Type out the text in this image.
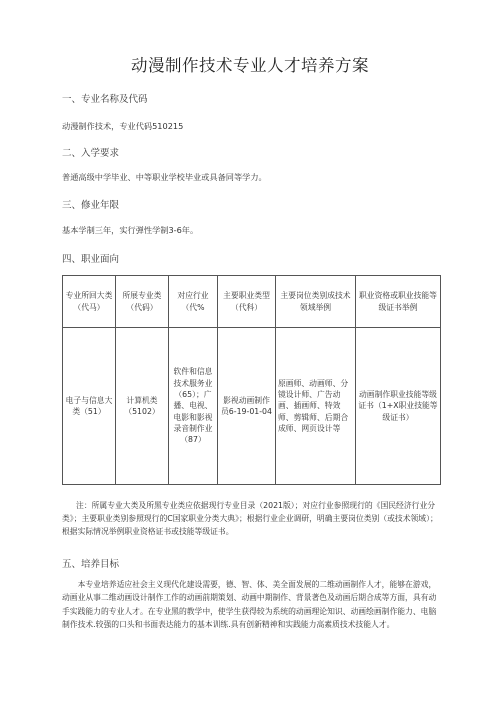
动漫制作技术专业人才培养方案
一、专业名称及代码
动漫制作技术，专业代码510215
二、入学要求
普通高级中学毕业、中等职业学校毕业或具备同等学力。
三、修业年限
基本学制三年，实行弹性学制3-6年。
四、职业面向
专业所回大类（代马）	所展专业类（代码）	对应行业（代%	主要职业类型（代科）	主要岗位类别成技术领域举例	职业资格或职业技能等级证书举例
电子与信息大类（51）	计算机类（5102）	软件和信息技术服务业（65）；广播、电视、电影和影视录音制作业（87）	影视动画制作员6-19-01-04	原画师、动画师、分镜设计师、广告动画、插画师、特效师、剪辑师、后期合成师、网页设计等	动画制作职业技能等级证书（1+X职业技能等级证书）
注：所属专业大类及所黑专业类应依据现行专业目录（2021版）；对应行业参照现行的《国民经济行业分类》；主要职业类别参照现行的C国家职业分类大典》；根据行业企业调研，明确主要岗位类别（或技术领域）；根据实际情况举例职业资格证书或技能等级证书。
五、培养目标
本专业培养适应社会主义现代化建设需要，德、智、体、美全面发展的二维动画制作人才，能够在游戏，动画业从事二维动画设计制作工作的动画前期策划、动画中期制作、背景著色及动画后期合成等方面，具有动手实践能力的专业人才。在专业黑的教学中，使学生获得较为系统的动画理论知识、动画绘画制作能力、电脑制作技术.较强的口头和书面表达能力的基本训练.具有创新精神和实践能力高素质技术技能人才。
